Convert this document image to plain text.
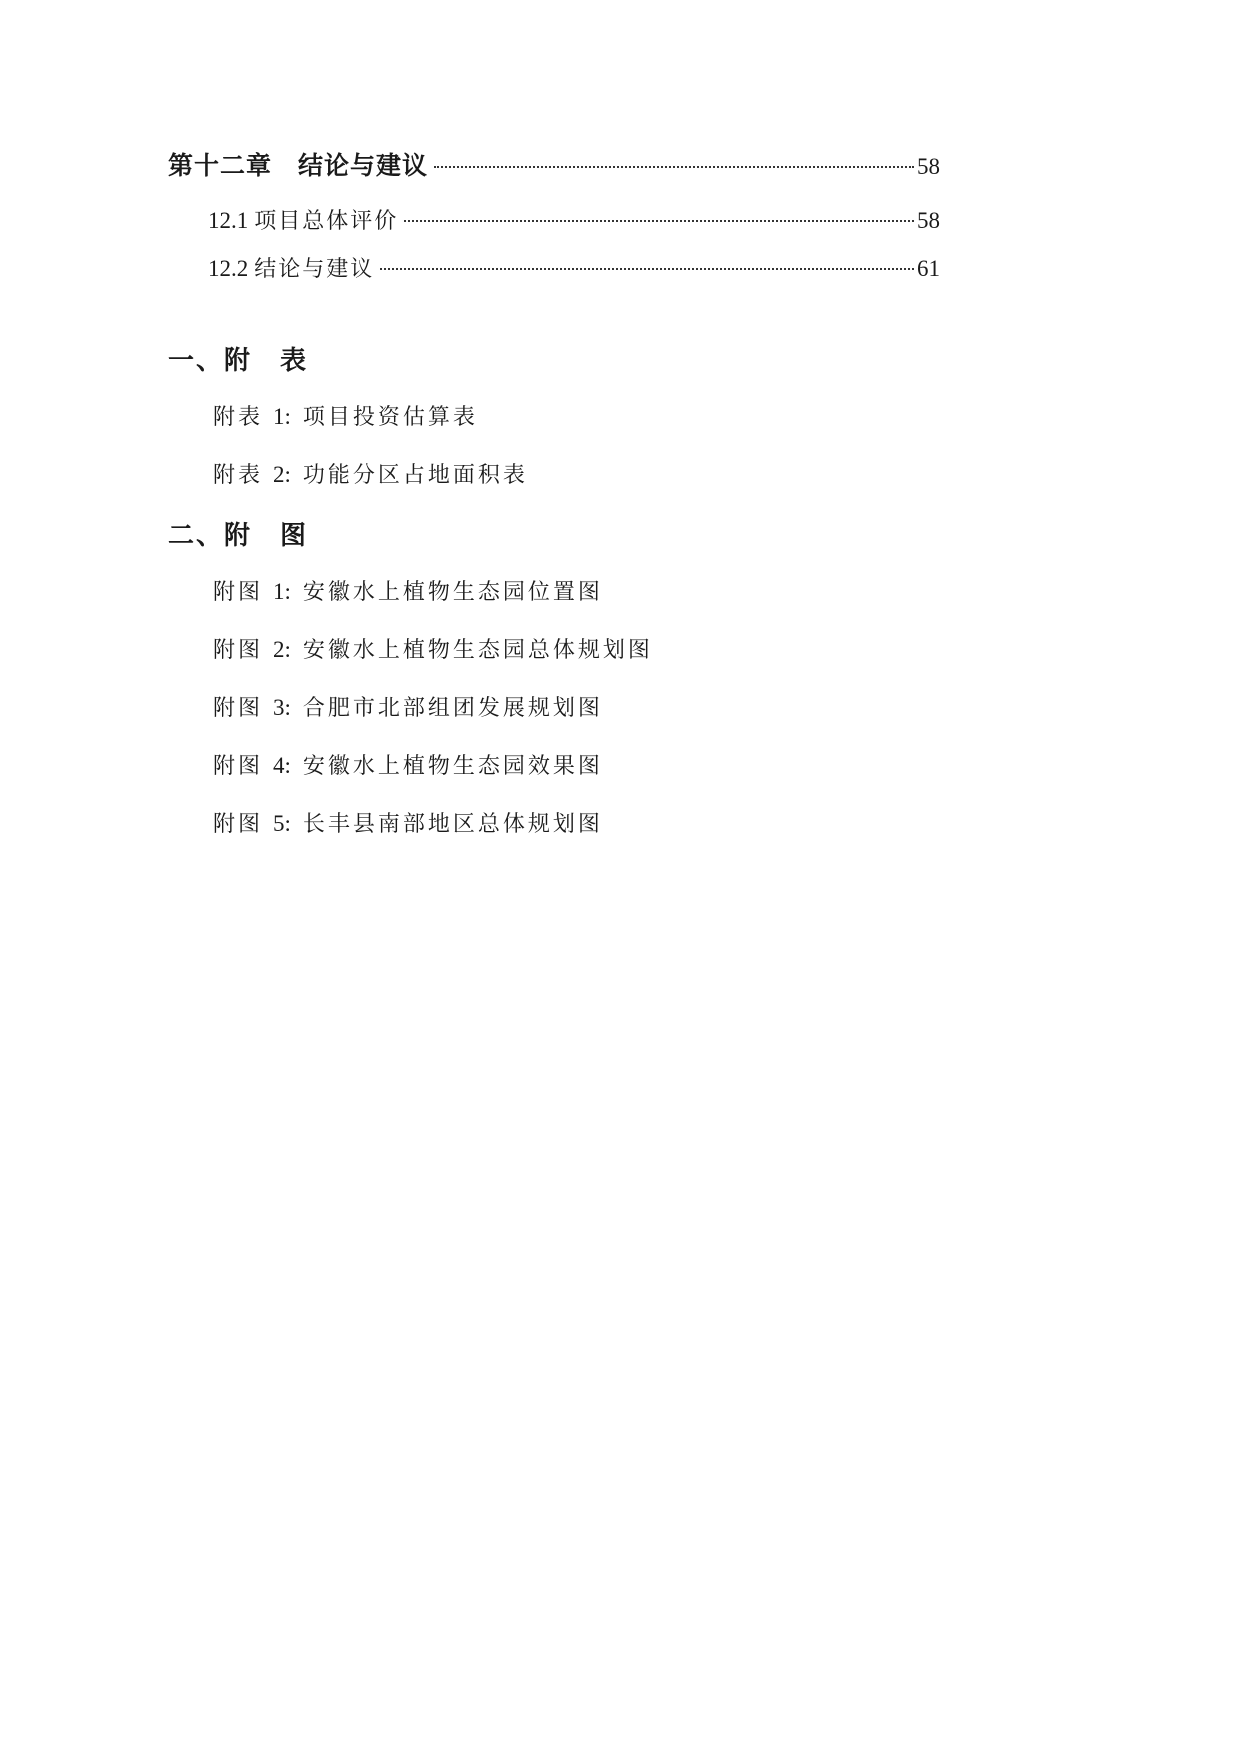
第十二章 结论与建议	58
12.1 项目总体评价	58
12.2 结论与建议	61
一、附　表
附表 1: 项目投资估算表
附表 2: 功能分区占地面积表
二、附　图
附图 1: 安徽水上植物生态园位置图
附图 2: 安徽水上植物生态园总体规划图
附图 3: 合肥市北部组团发展规划图
附图 4: 安徽水上植物生态园效果图
附图 5: 长丰县南部地区总体规划图
